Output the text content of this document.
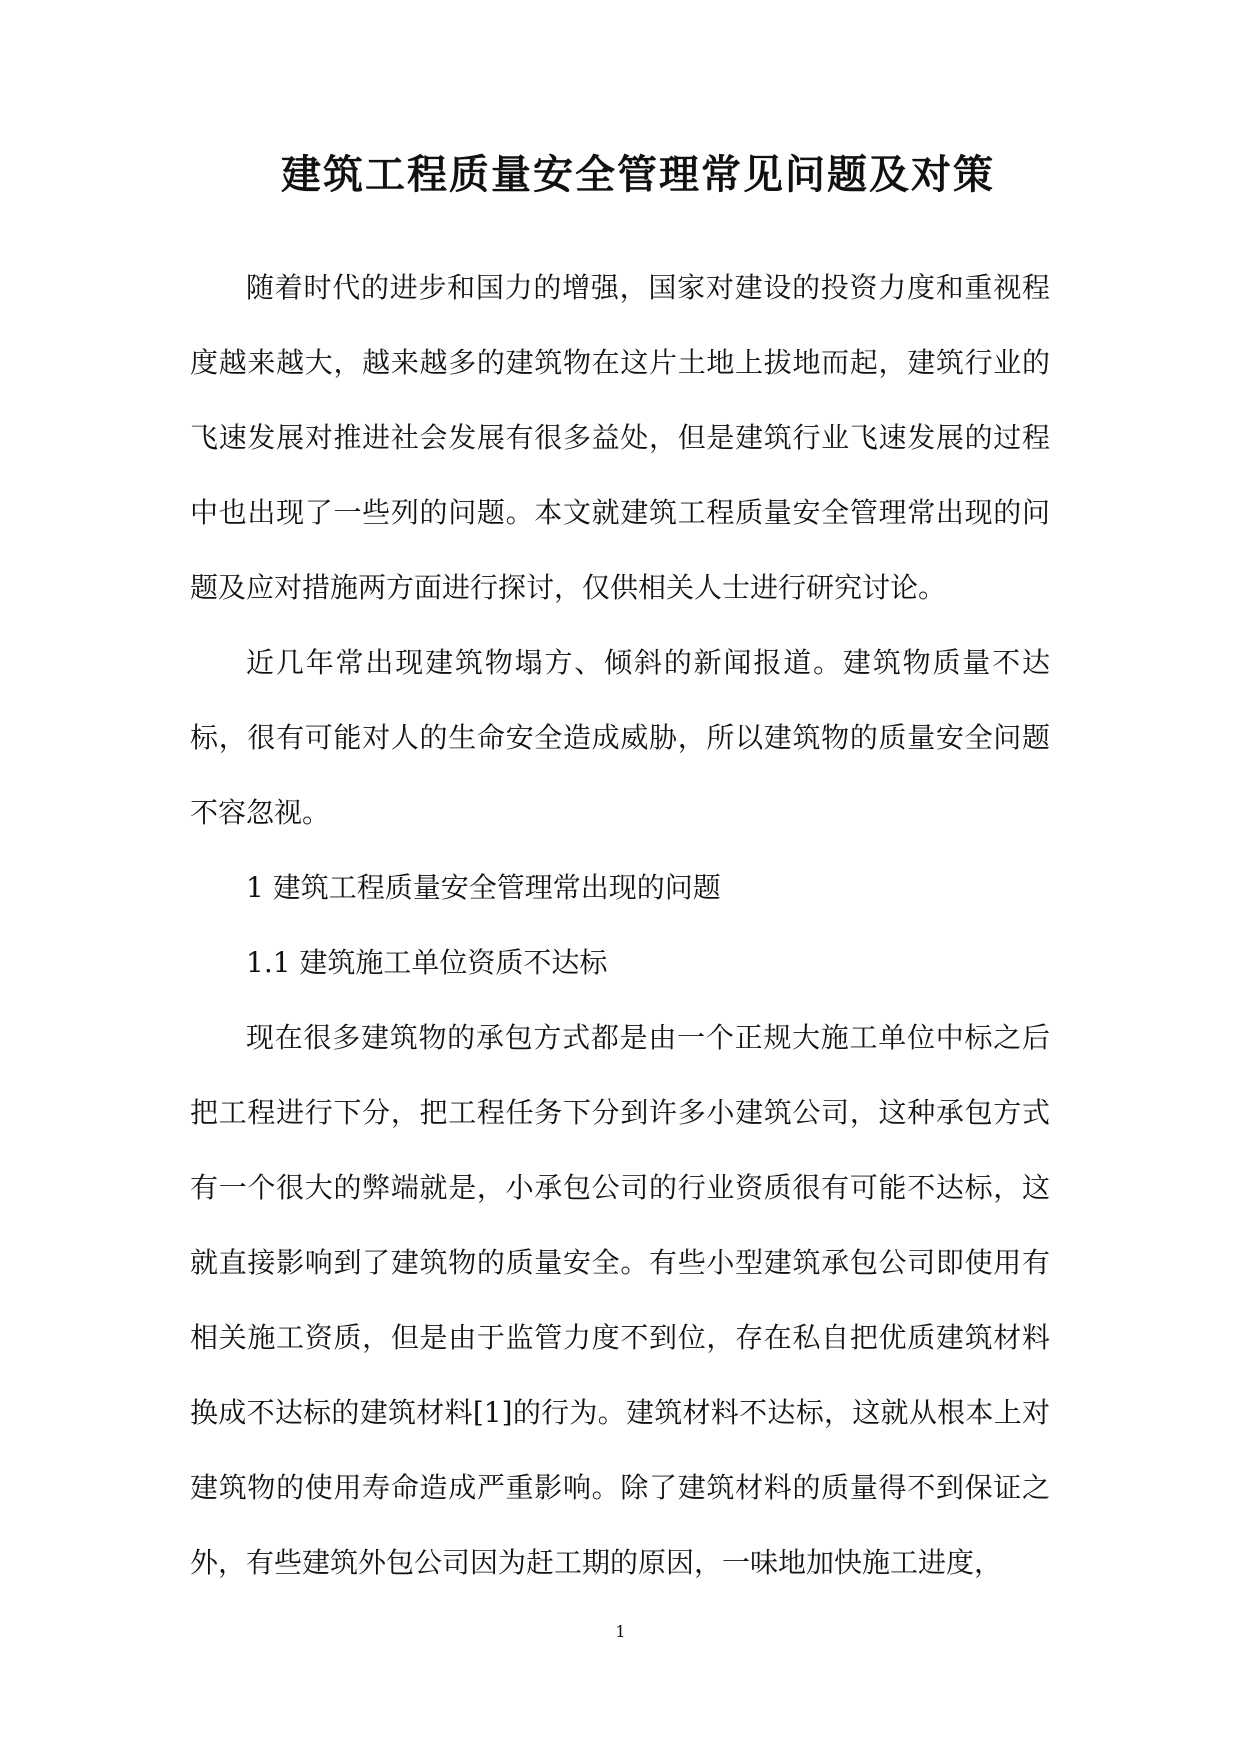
建筑工程质量安全管理常见问题及对策

随着时代的进步和国力的增强，国家对建设的投资力度和重视程度越来越大，越来越多的建筑物在这片土地上拔地而起，建筑行业的飞速发展对推进社会发展有很多益处，但是建筑行业飞速发展的过程中也出现了一些列的问题。本文就建筑工程质量安全管理常出现的问题及应对措施两方面进行探讨，仅供相关人士进行研究讨论。

近几年常出现建筑物塌方、倾斜的新闻报道。建筑物质量不达标，很有可能对人的生命安全造成威胁，所以建筑物的质量安全问题不容忽视。

1 建筑工程质量安全管理常出现的问题

1.1 建筑施工单位资质不达标

现在很多建筑物的承包方式都是由一个正规大施工单位中标之后把工程进行下分，把工程任务下分到许多小建筑公司，这种承包方式有一个很大的弊端就是，小承包公司的行业资质很有可能不达标，这就直接影响到了建筑物的质量安全。有些小型建筑承包公司即使用有相关施工资质，但是由于监管力度不到位，存在私自把优质建筑材料换成不达标的建筑材料[1]的行为。建筑材料不达标，这就从根本上对建筑物的使用寿命造成严重影响。除了建筑材料的质量得不到保证之外，有些建筑外包公司因为赶工期的原因，一味地加快施工进度，

1
